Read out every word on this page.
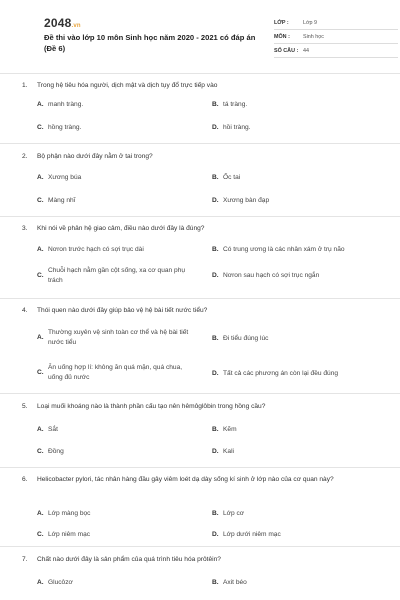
2048.vn
Đề thi vào lớp 10 môn Sinh học năm 2020 - 2021 có đáp án (Đề 6)
LỚP :	Lớp 9
MÔN :	Sinh học
SỐ CÂU : 44
1.	Trong hệ tiêu hóa người, dịch mật và dịch tụy đổ trực tiếp vào
A. manh tràng.	B. tá tràng.
C. hồng tràng.	D. hồi tràng.
2.	Bộ phận nào dưới đây nằm ở tai trong?
A. Xương búa	B. Ốc tai
C. Màng nhĩ	D. Xương bàn đạp
3.	Khi nói về phân hệ giao cảm, điều nào dưới đây là đúng?
A. Nơron trước hạch có sợi trục dài	B. Có trung ương là các nhân xám ở trụ não
C.
Chuỗi hạch nằm gần cột sống, xa cơ quan phụ trách
D. Nơron sau hạch có sợi trục ngắn
4.	Thói quen nào dưới đây giúp bảo vệ hệ bài tiết nước tiểu?
A.
Thường xuyên vệ sinh toàn cơ thể và hệ bài tiết nước tiểu
B. Đi tiểu đúng lúc
C.
Ăn uống hợp lí: không ăn quá mặn, quá chua, uống đủ nước
D. Tất cả các phương án còn lại đều đúng
5.	Loại muối khoáng nào là thành phần cấu tạo nên hêmôglôbin trong hồng cầu?
A. Sắt	B. Kẽm
C. Đồng	D. Kali
6.	Helicobacter pylori, tác nhân hàng đầu gây viêm loét dạ dày sống kí sinh ở lớp nào của cơ quan này?
A. Lớp màng bọc	B. Lớp cơ
C. Lớp niêm mạc	D. Lớp dưới niêm mạc
7.	Chất nào dưới đây là sản phẩm của quá trình tiêu hóa prôtêin?
A. Glucôzơ	B. Axit béo
